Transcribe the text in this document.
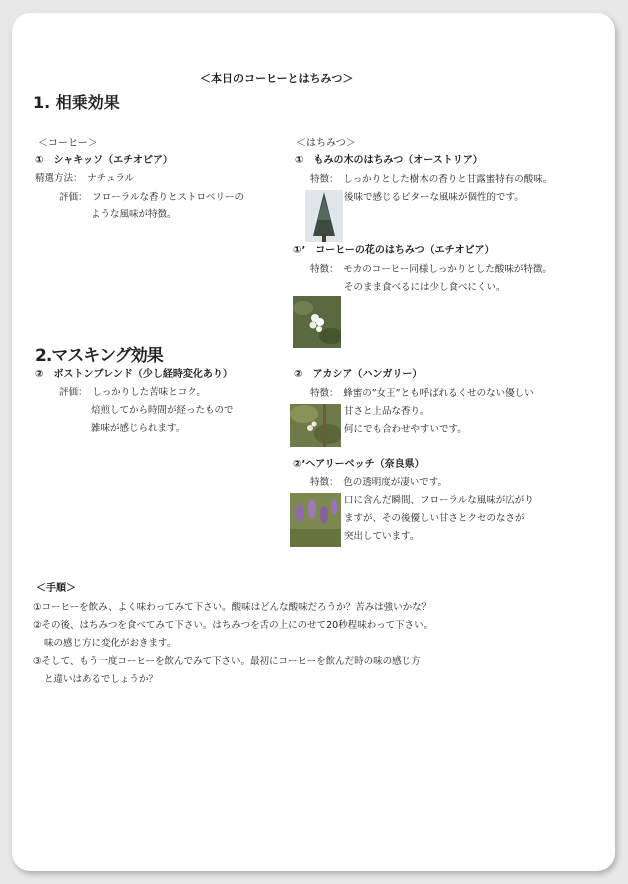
＜本日のコーヒーとはちみつ＞
1. 相乗効果
＜コーヒー＞	＜はちみつ＞
①　シャキッソ（エチオピア）
精選方法：　ナチュラル
評価：　フローラルな香りとストロベリーの
ような風味が特徴。
①　もみの木のはちみつ（オーストリア）
特徴：　しっかりとした樹木の香りと甘露蜜特有の酸味。
後味で感じるビターな風味が個性的です。
①’　コーヒーの花のはちみつ（エチオピア）
特徴：　モカのコーヒー同様しっかりとした酸味が特徴。
そのまま食べるには少し食べにくい。
2.マスキング効果
②　ボストンブレンド（少し経時変化あり）
評価：　しっかりした苦味とコク。
焙煎してから時間が経ったもので
雑味が感じられます。
②　アカシア（ハンガリー）
特徴：　蜂蜜の”女王”とも呼ばれるくせのない優しい
甘さと上品な香り。
何にでも合わせやすいです。
②’ヘアリーベッチ（奈良県）
特徴：　色の透明度が凄いです。
口に含んだ瞬間、フローラルな風味が広がり
ますが、その後優しい甘さとクセのなさが
突出しています。
＜手順＞
①コーヒーを飲み、よく味わってみて下さい。酸味はどんな酸味だろうか？苦みは強いかな？
②その後、はちみつを食べてみて下さい。はちみつを舌の上にのせて20秒程味わって下さい。
味の感じ方に変化がおきます。
③そして、もう一度コーヒーを飲んでみて下さい。最初にコーヒーを飲んだ時の味の感じ方
と違いはあるでしょうか？
